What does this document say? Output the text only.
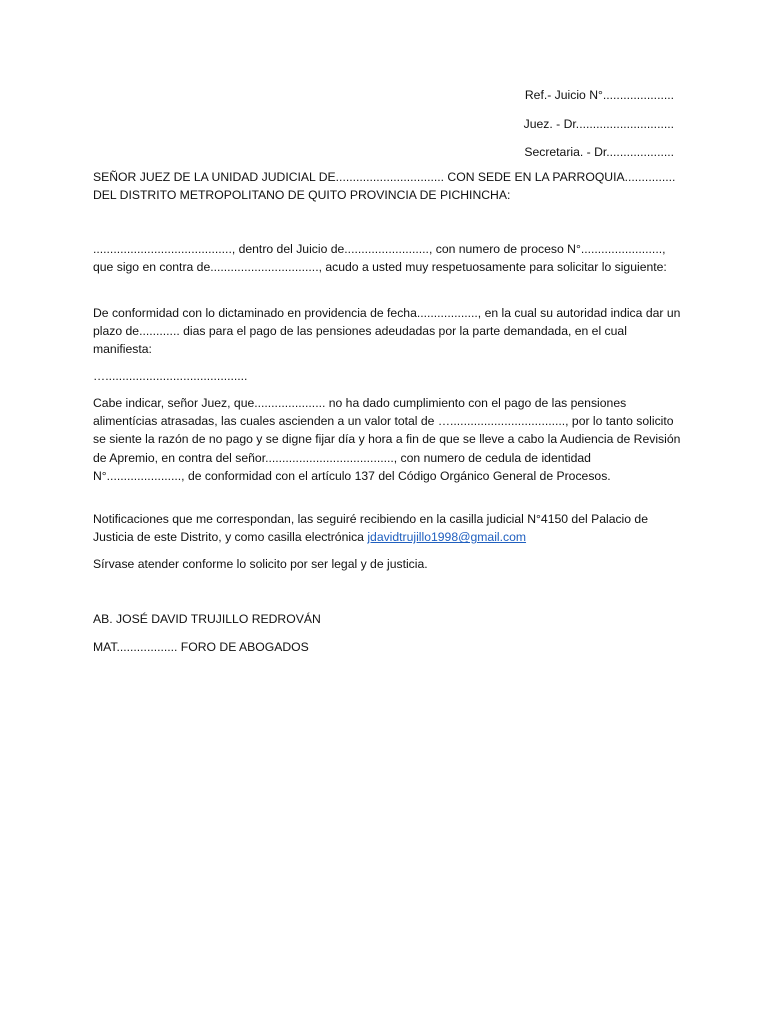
Ref.- Juicio N°.....................

Juez. - Dr.............................

Secretaria. - Dr....................

SEÑOR JUEZ DE LA UNIDAD JUDICIAL DE................................ CON SEDE EN LA PARROQUIA............... DEL DISTRITO METROPOLITANO DE QUITO PROVINCIA DE PICHINCHA:

........................................., dentro del Juicio de........................., con numero de proceso N°........................, que sigo en contra de................................, acudo a usted muy respetuosamente para solicitar lo siguiente:

De conformidad con lo dictaminado en providencia de fecha.................., en la cual su autoridad indica dar un plazo de............ dias para el pago de las pensiones adeudadas por la parte demandada, en el cual manifiesta:

…..........................................

Cabe indicar, señor Juez, que..................... no ha dado cumplimiento con el pago de las pensiones alimentícias atrasadas, las cuales ascienden a un valor total de ….................................., por lo tanto solicito se siente la razón de no pago y se digne fijar día y hora a fin de que se lleve a cabo la Audiencia de Revisión de Apremio, en contra del señor......................................, con numero de cedula de identidad N°......................, de conformidad con el artículo 137 del Código Orgánico General de Procesos.

Notificaciones que me correspondan, las seguiré recibiendo en la casilla judicial N°4150 del Palacio de Justicia de este Distrito, y como casilla electrónica jdavidtrujillo1998@gmail.com

Sírvase atender conforme lo solicito por ser legal y de justicia.

AB. JOSÉ DAVID TRUJILLO REDROVÁN

MAT.................. FORO DE ABOGADOS
